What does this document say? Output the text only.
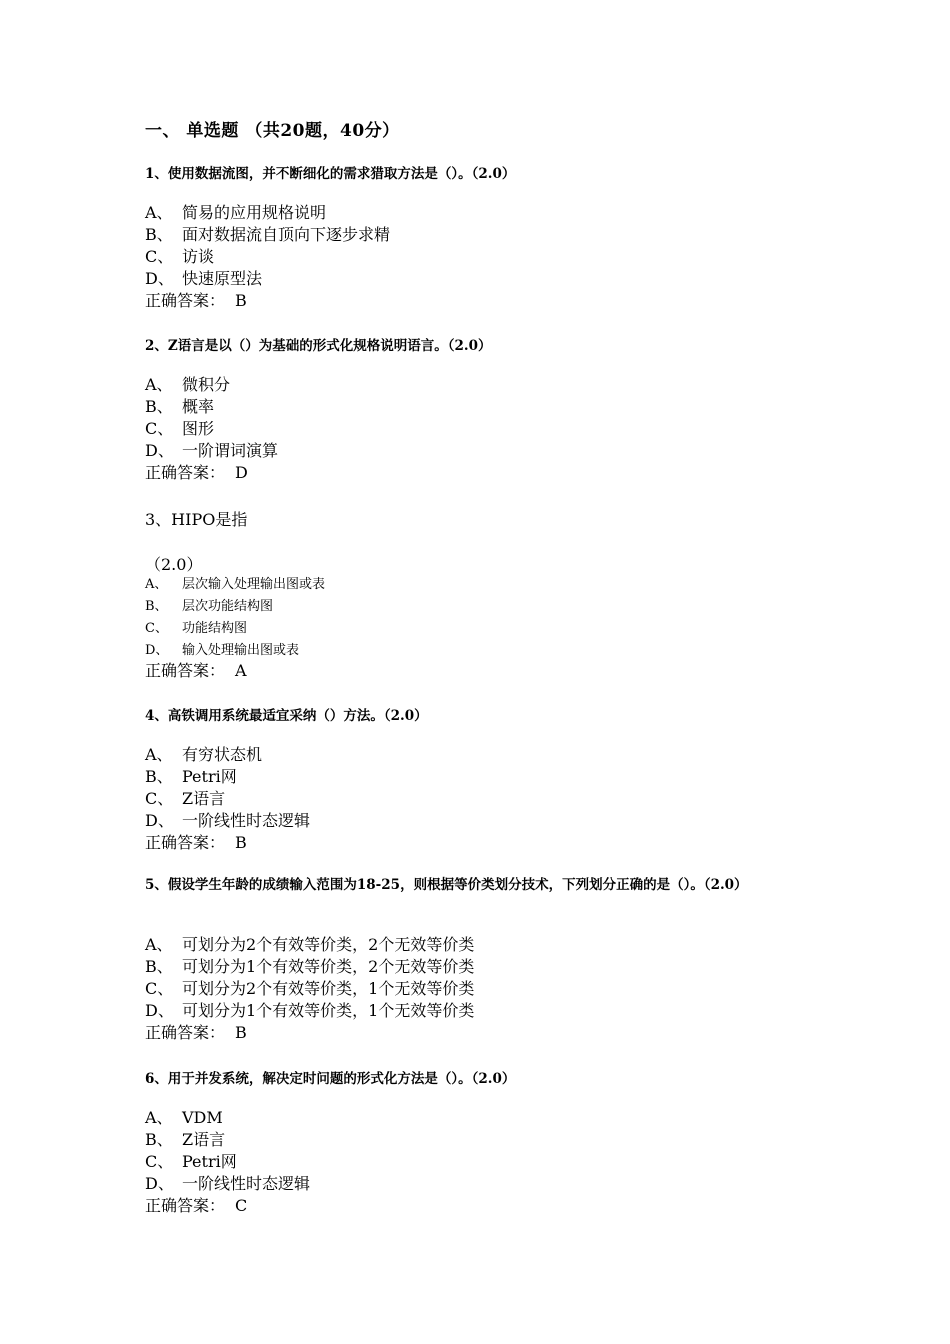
一、 单选题 （共20题，40分）
1、使用数据流图，并不断细化的需求猎取方法是（）。（2.0）
A、 简易的应用规格说明
B、 面对数据流自顶向下逐步求精
C、 访谈
D、 快速原型法
正确答案： B
2、Z语言是以（）为基础的形式化规格说明语言。（2.0）
A、 微积分
B、 概率
C、 图形
D、 一阶谓词演算
正确答案： D
3、HIPO是指
（2.0）
A、 层次输入处理输出图或表
B、 层次功能结构图
C、 功能结构图
D、 输入处理输出图或表
正确答案： A
4、高铁调用系统最适宜采纳（）方法。（2.0）
A、 有穷状态机
B、 Petri网
C、 Z语言
D、 一阶线性时态逻辑
正确答案： B
5、假设学生年龄的成绩输入范围为18-25，则根据等价类划分技术，下列划分正确的是（）。（2.0）
A、 可划分为2个有效等价类，2个无效等价类
B、 可划分为1个有效等价类，2个无效等价类
C、 可划分为2个有效等价类，1个无效等价类
D、 可划分为1个有效等价类，1个无效等价类
正确答案： B
6、用于并发系统，解决定时问题的形式化方法是（）。（2.0）
A、 VDM
B、 Z语言
C、 Petri网
D、 一阶线性时态逻辑
正确答案： C
